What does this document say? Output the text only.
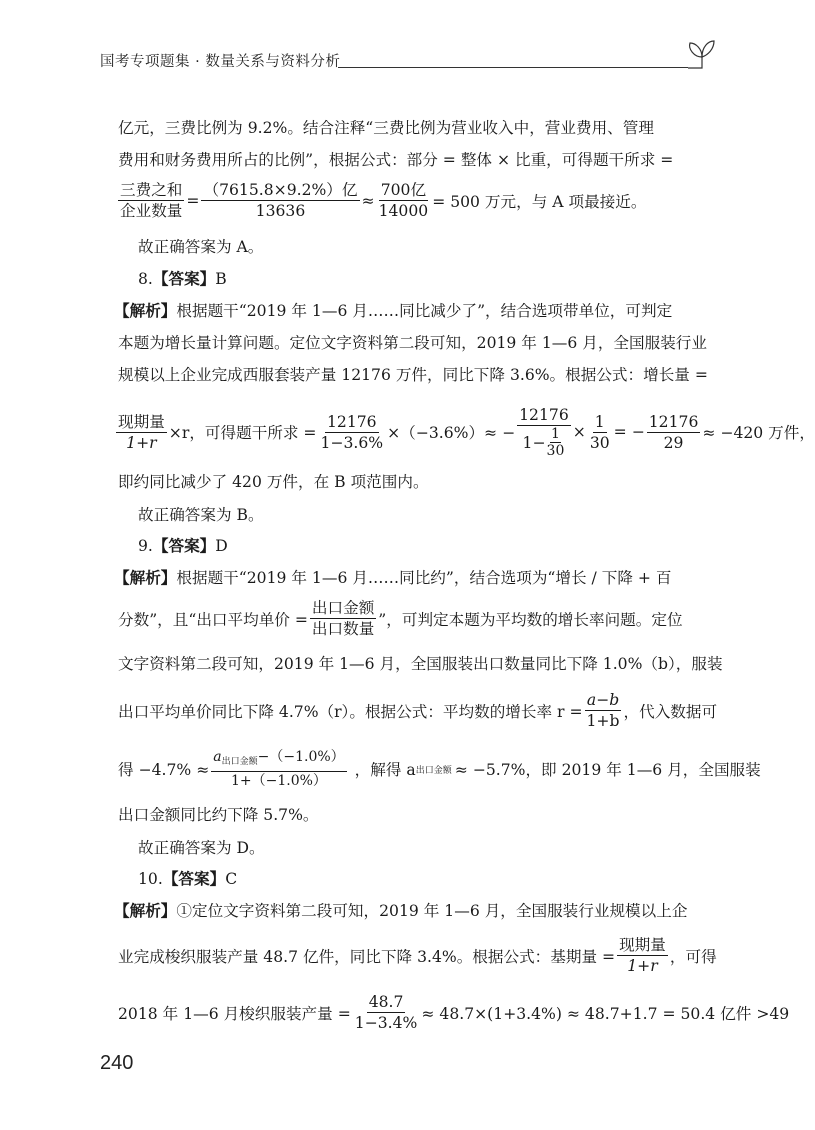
国考专项题集 · 数量关系与资料分析
亿元，三费比例为 9.2%。结合注释“三费比例为营业收入中，营业费用、管理
费用和财务费用所占的比例”，根据公式：部分 = 整体 × 比重，可得题干所求 =
$\frac{\text{三费之和}}{\text{企业数量}} = \frac{\text{（7615.8×9.2\%）亿}}{13636} \approx \frac{\text{700亿}}{14000} = 500$ 万元，与 A 项最接近。
故正确答案为 A。
8.【答案】B
【解析】根据题干“2019 年 1—6 月……同比减少了”，结合选项带单位，可判定
本题为增长量计算问题。定位文字资料第二段可知，2019 年 1—6 月，全国服装行业
规模以上企业完成西服套装产量 12176 万件，同比下降 3.6%。根据公式：增长量 =
$\frac{\text{现期量}}{1+r} \times r$，可得题干所求 = $\frac{12176}{1-3.6\%} \times(-3.6\%)\approx - \frac{12176}{1- \frac{1}{30}} \times \frac{1}{30}$ = − $\frac{12176}{29} \approx -420$ 万件，
即约同比减少了 420 万件，在 B 项范围内。
故正确答案为 B。
9.【答案】D
【解析】根据题干“2019 年 1—6 月……同比约”，结合选项为“增长 / 下降 + 百
分数”，且“出口平均单价 = $\frac{\text{出口金额}}{\text{出口数量}}$ ”，可判定本题为平均数的增长率问题。定位
文字资料第二段可知，2019 年 1—6 月，全国服装出口数量同比下降 1.0%（b），服装
出口平均单价同比下降 4.7%（r）。根据公式：平均数的增长率 $r = \frac{a-b}{1+b}$ ，代入数据可
得 $-4.7\% \approx \frac{a_{出口金额}-(-1.0\%)}{1+(-1.0\%)}$ ，解得 a 出口金额 ≈ −5.7%，即 2019 年 1—6 月，全国服装
出口金额同比约下降 5.7%。
故正确答案为 D。
10.【答案】C
【解析】①定位文字资料第二段可知，2019 年 1—6 月，全国服装行业规模以上企
业完成梭织服装产量 48.7 亿件，同比下降 3.4%。根据公式：基期量 = $\frac{\text{现期量}}{1+r}$ ，可得
2018 年 1—6 月梭织服装产量 = $\frac{48.7}{1-3.4\%} \approx 48.7\times(1+3.4\%) \approx 48.7+1.7 = 50.4$ 亿件 >49
240
